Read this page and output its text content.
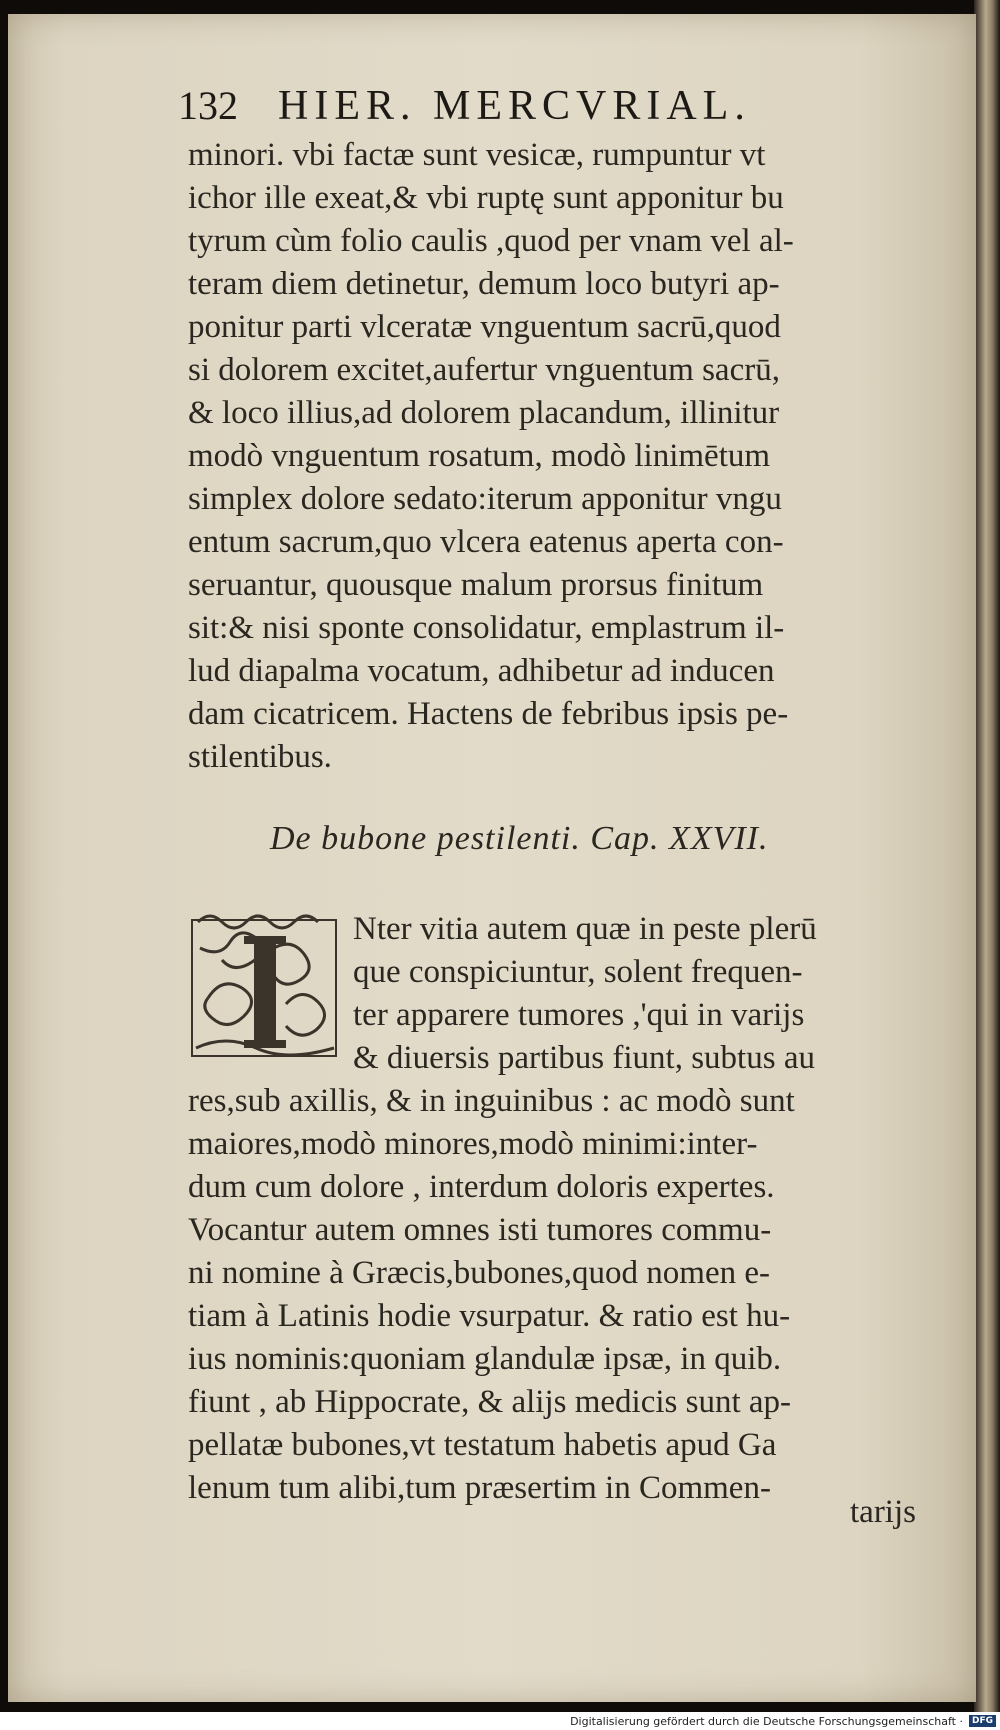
132 HIER. MERCVRIAL.
minori. vbi factæ sunt vesicæ, rumpuntur vt
ichor ille exeat,& vbi ruptę sunt apponitur bu
tyrum cùm folio caulis ,quod per vnam vel al-
teram diem detinetur, demum loco butyri ap-
ponitur parti vlceratæ vnguentum sacrū,quod
si dolorem excitet,aufertur vnguentum sacrū,
& loco illius,ad dolorem placandum, illinitur
modò vnguentum rosatum, modò linimētum
simplex dolore sedato:iterum apponitur vngu
entum sacrum,quo vlcera eatenus aperta con-
seruantur, quousque malum prorsus finitum
sit:& nisi sponte consolidatur, emplastrum il-
lud diapalma vocatum, adhibetur ad inducen
dam cicatricem. Hactens de febribus ipsis pe-
stilentibus.
De bubone pestilenti. Cap. XXVII.
Nter vitia autem quæ in peste plerū
que conspiciuntur, solent frequen-
ter apparere tumores ,'qui in varijs
& diuersis partibus fiunt, subtus au
res,sub axillis, & in inguinibus : ac modò sunt
maiores,modò minores,modò minimi:inter-
dum cum dolore , interdum doloris expertes.
Vocantur autem omnes isti tumores commu-
ni nomine à Græcis,bubones,quod nomen e-
tiam à Latinis hodie vsurpatur. & ratio est hu-
ius nominis:quoniam glandulæ ipsæ, in quib.
fiunt , ab Hippocrate, & alijs medicis sunt ap-
pellatæ bubones,vt testatum habetis apud Ga
lenum tum alibi,tum præsertim in Commen-
tarijs
Digitalisierung gefördert durch die Deutsche Forschungsgemeinschaft ·	DFG
